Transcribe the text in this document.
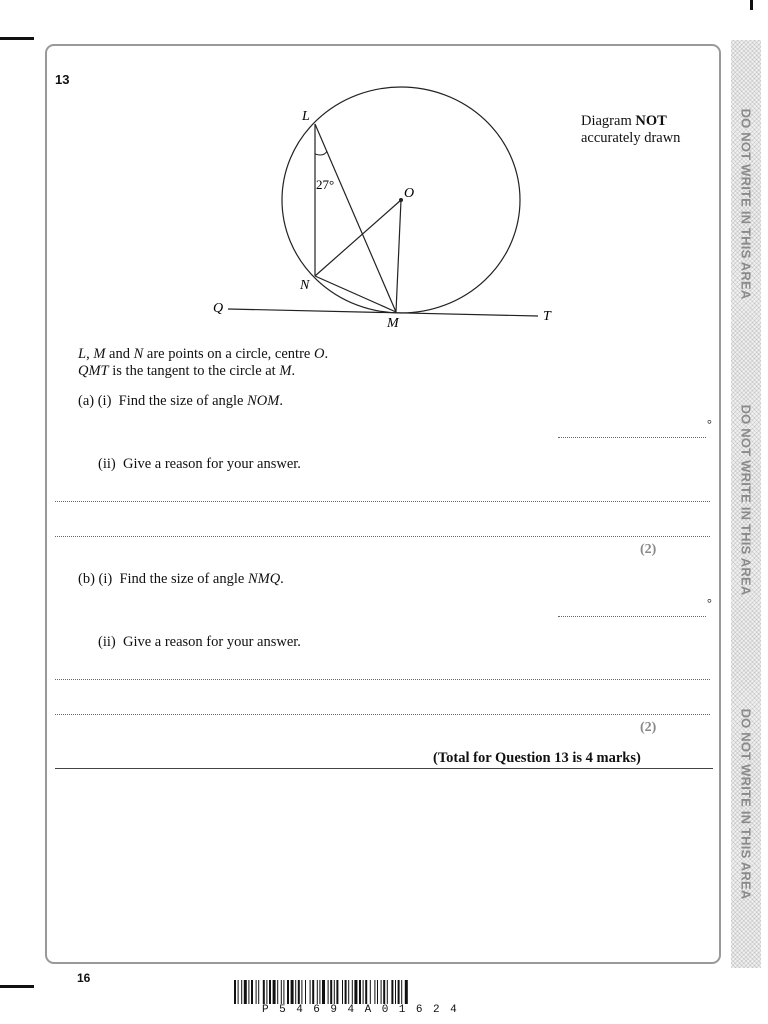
DO NOT WRITE IN THIS AREA
DO NOT WRITE IN THIS AREA
DO NOT WRITE IN THIS AREA
13
Diagram NOT
accurately drawn
L
O
N
M
Q
T
27°
L, M and N are points on a circle, centre O.
QMT is the tangent to the circle at M.
(a) (i) Find the size of angle NOM.
°
(ii) Give a reason for your answer.
(2)
(b) (i) Find the size of angle NMQ.
°
(ii) Give a reason for your answer.
(2)
(Total for Question 13 is 4 marks)
16
P54694A01624
